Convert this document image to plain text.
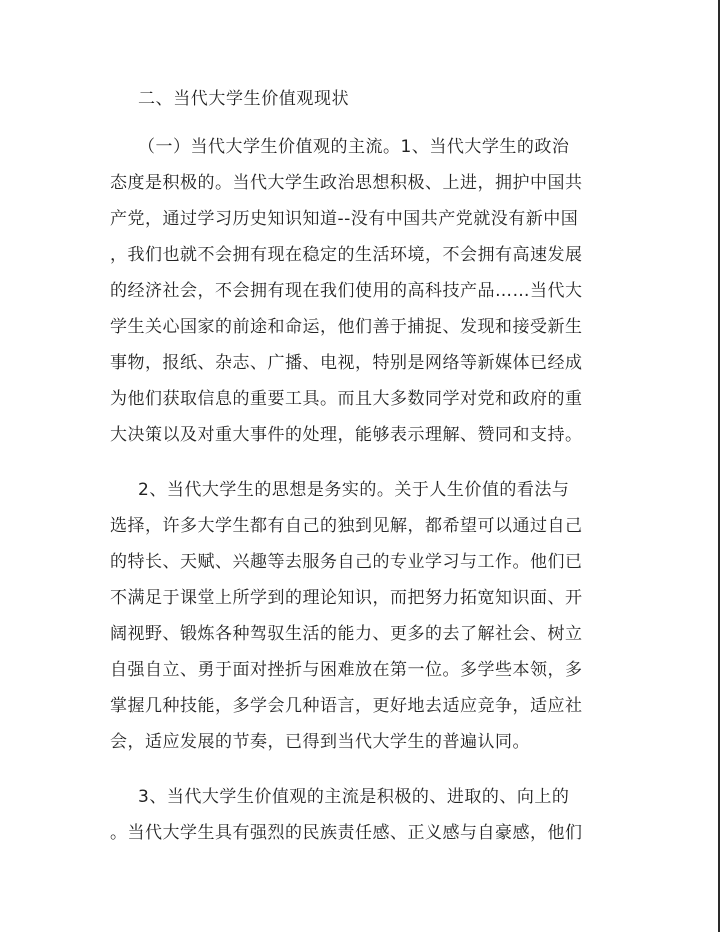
二、当代大学生价值观现状
（一）当代大学生价值观的主流。1、当代大学生的政治
态度是积极的。当代大学生政治思想积极、上进，拥护中国共
产党，通过学习历史知识知道--没有中国共产党就没有新中国
，我们也就不会拥有现在稳定的生活环境，不会拥有高速发展
的经济社会，不会拥有现在我们使用的高科技产品……当代大
学生关心国家的前途和命运，他们善于捕捉、发现和接受新生
事物，报纸、杂志、广播、电视，特别是网络等新媒体已经成
为他们获取信息的重要工具。而且大多数同学对党和政府的重
大决策以及对重大事件的处理，能够表示理解、赞同和支持。
2、当代大学生的思想是务实的。关于人生价值的看法与
选择，许多大学生都有自己的独到见解，都希望可以通过自己
的特长、天赋、兴趣等去服务自己的专业学习与工作。他们已
不满足于课堂上所学到的理论知识，而把努力拓宽知识面、开
阔视野、锻炼各种驾驭生活的能力、更多的去了解社会、树立
自强自立、勇于面对挫折与困难放在第一位。多学些本领，多
掌握几种技能，多学会几种语言，更好地去适应竞争，适应社
会，适应发展的节奏，已得到当代大学生的普遍认同。
3、当代大学生价值观的主流是积极的、进取的、向上的
。当代大学生具有强烈的民族责任感、正义感与自豪感，他们
